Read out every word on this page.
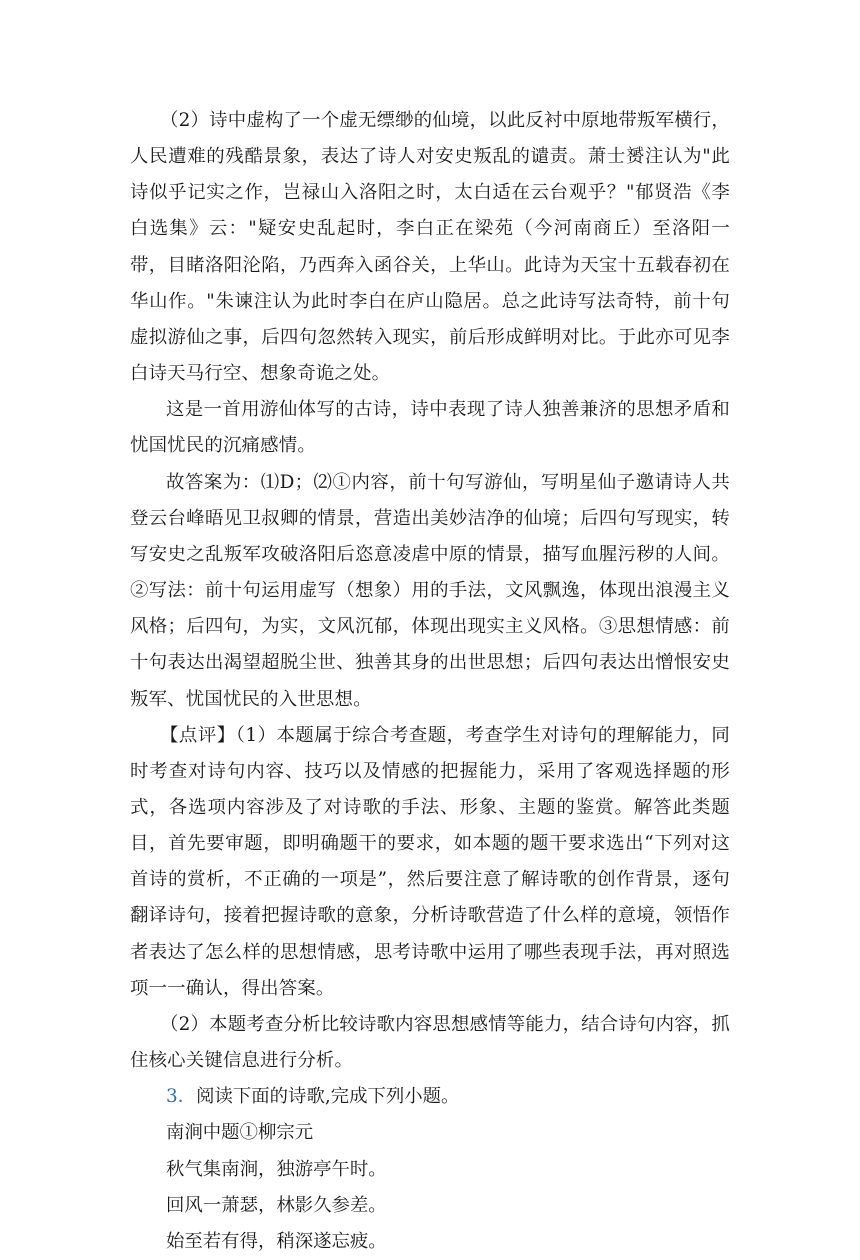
（2）诗中虚构了一个虚无缥缈的仙境，以此反衬中原地带叛军横行，人民遭难的残酷景象，表达了诗人对安史叛乱的谴责。萧士赟注认为"此诗似乎记实之作，岂禄山入洛阳之时，太白适在云台观乎？"郁贤浩《李白选集》云："疑安史乱起时，李白正在梁苑（今河南商丘）至洛阳一带，目睹洛阳沦陷，乃西奔入函谷关，上华山。此诗为天宝十五载春初在华山作。"朱谏注认为此时李白在庐山隐居。总之此诗写法奇特，前十句虚拟游仙之事，后四句忽然转入现实，前后形成鲜明对比。于此亦可见李白诗天马行空、想象奇诡之处。

这是一首用游仙体写的古诗，诗中表现了诗人独善兼济的思想矛盾和忧国忧民的沉痛感情。

故答案为：⑴D；⑵①内容，前十句写游仙，写明星仙子邀请诗人共登云台峰晤见卫叔卿的情景，营造出美妙洁净的仙境；后四句写现实，转写安史之乱叛军攻破洛阳后恣意凌虐中原的情景，描写血腥污秽的人间。②写法：前十句运用虚写（想象）用的手法，文风飘逸，体现出浪漫主义风格；后四句，为实，文风沉郁，体现出现实主义风格。③思想情感：前十句表达出渴望超脱尘世、独善其身的出世思想；后四句表达出憎恨安史叛军、忧国忧民的入世思想。

【点评】（1）本题属于综合考查题，考查学生对诗句的理解能力，同时考查对诗句内容、技巧以及情感的把握能力，采用了客观选择题的形式，各选项内容涉及了对诗歌的手法、形象、主题的鉴赏。解答此类题目，首先要审题，即明确题干的要求，如本题的题干要求选出“下列对这首诗的赏析，不正确的一项是”，然后要注意了解诗歌的创作背景，逐句翻译诗句，接着把握诗歌的意象，分析诗歌营造了什么样的意境，领悟作者表达了怎么样的思想情感，思考诗歌中运用了哪些表现手法，再对照选项一一确认，得出答案。

（2）本题考查分析比较诗歌内容思想感情等能力，结合诗句内容，抓住核心关键信息进行分析。

3．阅读下面的诗歌,完成下列小题。

南涧中题①柳宗元

秋气集南涧，独游亭午时。

回风一萧瑟，林影久参差。

始至若有得，稍深遂忘疲。
